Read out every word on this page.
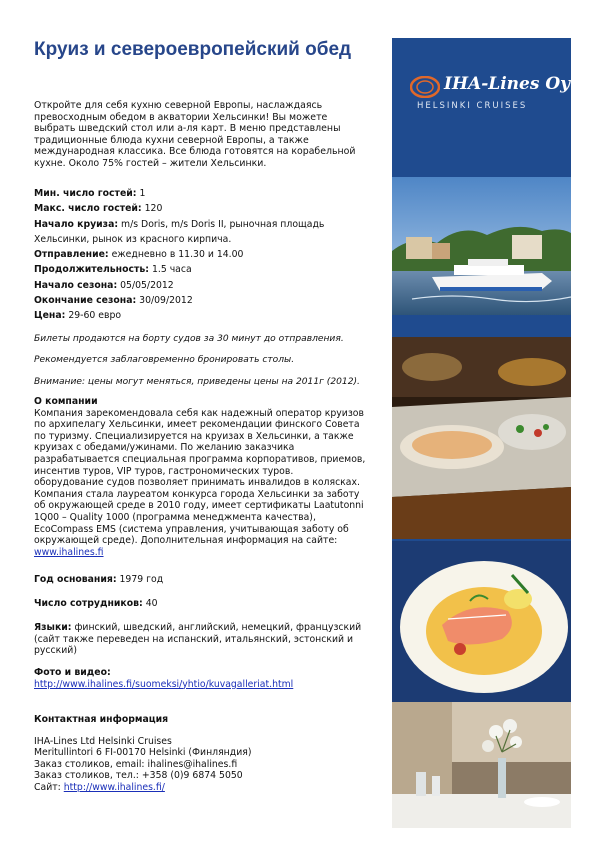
Круиз и североевропейский обед

Откройте для себя кухню северной Европы, наслаждаясь превосходным обедом в акватории Хельсинки! Вы можете выбрать шведский стол или а-ля карт. В меню представлены традиционные блюда кухни северной Европы, а также международная классика. Все блюда готовятся на корабельной кухне. Около 75% гостей – жители Хельсинки.

Мин. число гостей: 1
Макс. число гостей: 120
Начало круиза: m/s Doris, m/s Doris II, рыночная площадь
Хельсинки, рынок из красного кирпича.
Отправление: ежедневно в 11.30 и 14.00
Продолжительность: 1.5 часа
Начало сезона: 05/05/2012
Окончание сезона: 30/09/2012
Цена: 29-60 евро
Билеты продаются на борту судов за 30 минут до отправления.
Рекомендуется заблаговременно бронировать столы.
Внимание: цены могут меняться, приведены цены на 2011г (2012).
О компании
Компания зарекомендовала себя как надежный оператор круизов
по архипелагу Хельсинки, имеет рекомендации финского Совета
по туризму. Специализируется на круизах в Хельсинки, а также
круизах с обедами/ужинами. По желанию заказчика
разрабатывается специальная программа корпоративов, приемов,
инсентив туров, VIP туров, гастрономических туров.
оборудование судов позволяет принимать инвалидов в колясках.
Компания стала лауреатом конкурса города Хельсинки за заботу
об окружающей среде в 2010 году, имеет сертификаты Laatutonni
1Q00 – Quality 1000 (программа менеджмента качества),
EcoCompass EMS (система управления, учитывающая заботу об
окружающей среде). Дополнительная информация на сайте:
www.ihalines.fi
Год основания: 1979 год
Число сотрудников: 40
Языки: финский, шведский, английский, немецкий, французский
(сайт также переведен на испанский, итальянский, эстонский и
русский)
Фото и видео:
http://www.ihalines.fi/suomeksi/yhtio/kuvagalleriat.html
Контактная информация
IHA-Lines Ltd Helsinki Cruises
Meritullintori 6 FI-00170 Helsinki (Финляндия)
Заказ столиков, email: ihalines@ihalines.fi
Заказ столиков, тел.: +358 (0)9 6874 5050
Сайт: http://www.ihalines.fi/
IHA-Lines Oy
HELSINKI CRUISES
